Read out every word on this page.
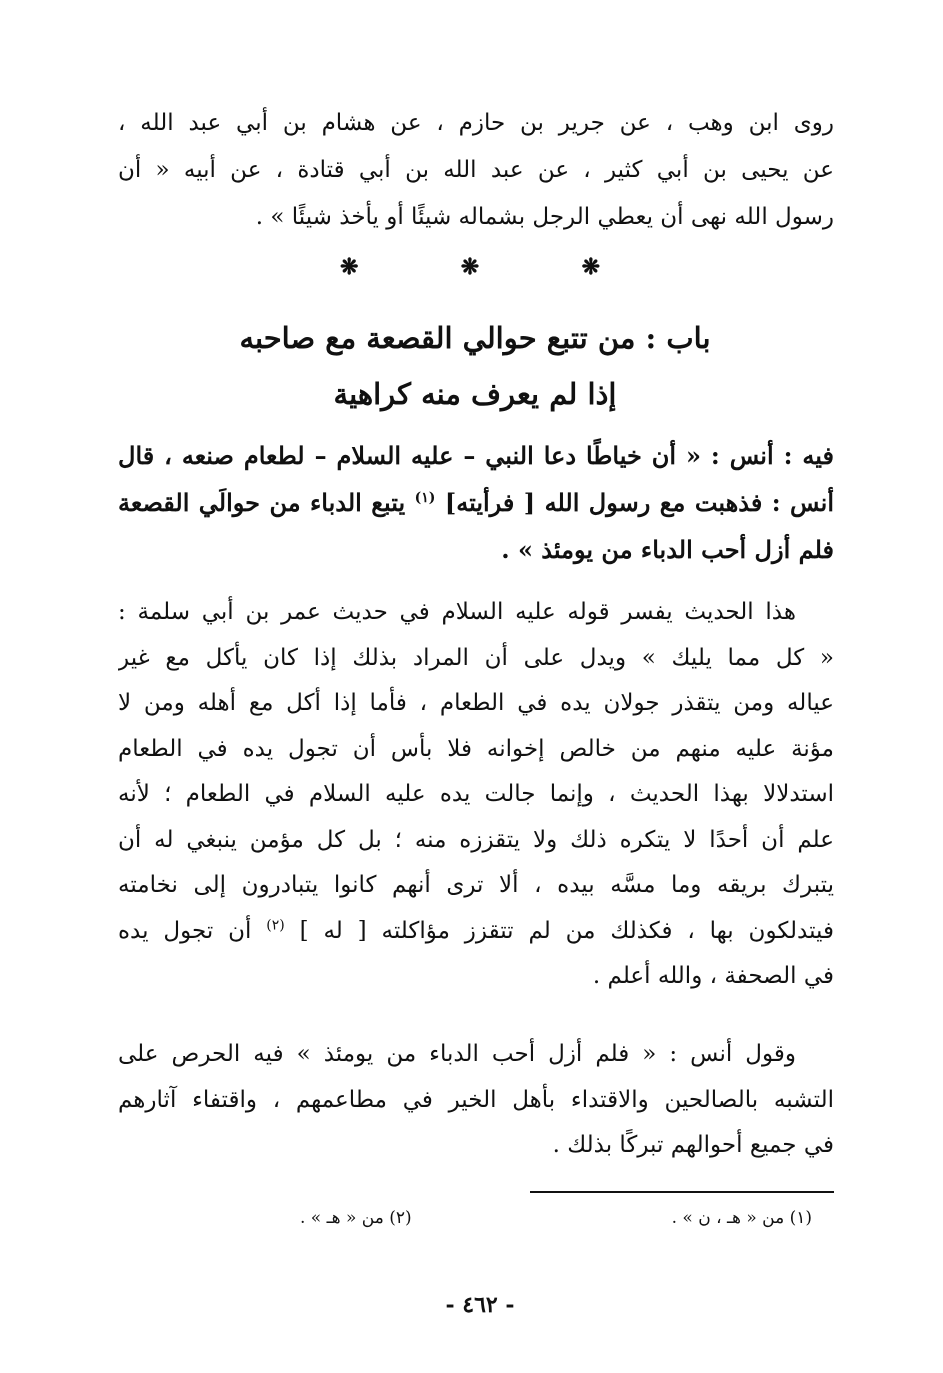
روى ابن وهب ، عن جرير بن حازم ، عن هشام بن أبي عبد الله ،
عن يحيى بن أبي كثير ، عن عبد الله بن أبي قتادة ، عن أبيه « أن
رسول الله نهى أن يعطي الرجل بشماله شيئًا أو يأخذ شيئًا » .
❋
❋
❋
باب : من تتبع حوالي القصعة مع صاحبه
إذا لم يعرف منه كراهية
فيه : أنس : « أن خياطًا دعا النبي – عليه السلام – لطعام صنعه ، قال
أنس : فذهبت مع رسول الله [ فرأيته] $^{(١)}$ يتبع الدباء من حوالَي القصعة
فلم أزل أحب الدباء من يومئذ » .
هذا الحديث يفسر قوله عليه السلام في حديث عمر بن أبي سلمة :
« كل مما يليك » ويدل على أن المراد بذلك إذا كان يأكل مع غير
عياله ومن يتقذر جولان يده في الطعام ، فأما إذا أكل مع أهله ومن لا
مؤنة عليه منهم من خالص إخوانه فلا بأس أن تجول يده في الطعام
استدلالا بهذا الحديث ، وإنما جالت يده عليه السلام في الطعام ؛ لأنه
علم أن أحدًا لا يتكره ذلك ولا يتقززه منه ؛ بل كل مؤمن ينبغي له أن
يتبرك بريقه وما مسَّه بيده ، ألا ترى أنهم كانوا يتبادرون إلى نخامته
فيتدلكون بها ، فكذلك من لم تتقزز مؤاكلته [ له ] $^{(٢)}$ أن تجول يده
في الصحفة ، والله أعلم .
وقول أنس : « فلم أزل أحب الدباء من يومئذ » فيه الحرص على
التشبه بالصالحين والاقتداء بأهل الخير في مطاعمهم ، واقتفاء آثارهم
في جميع أحوالهم تبركًا بذلك .
(١) من « هـ ، ن » .
(٢) من « هـ » .
- ٤٦٢ -
